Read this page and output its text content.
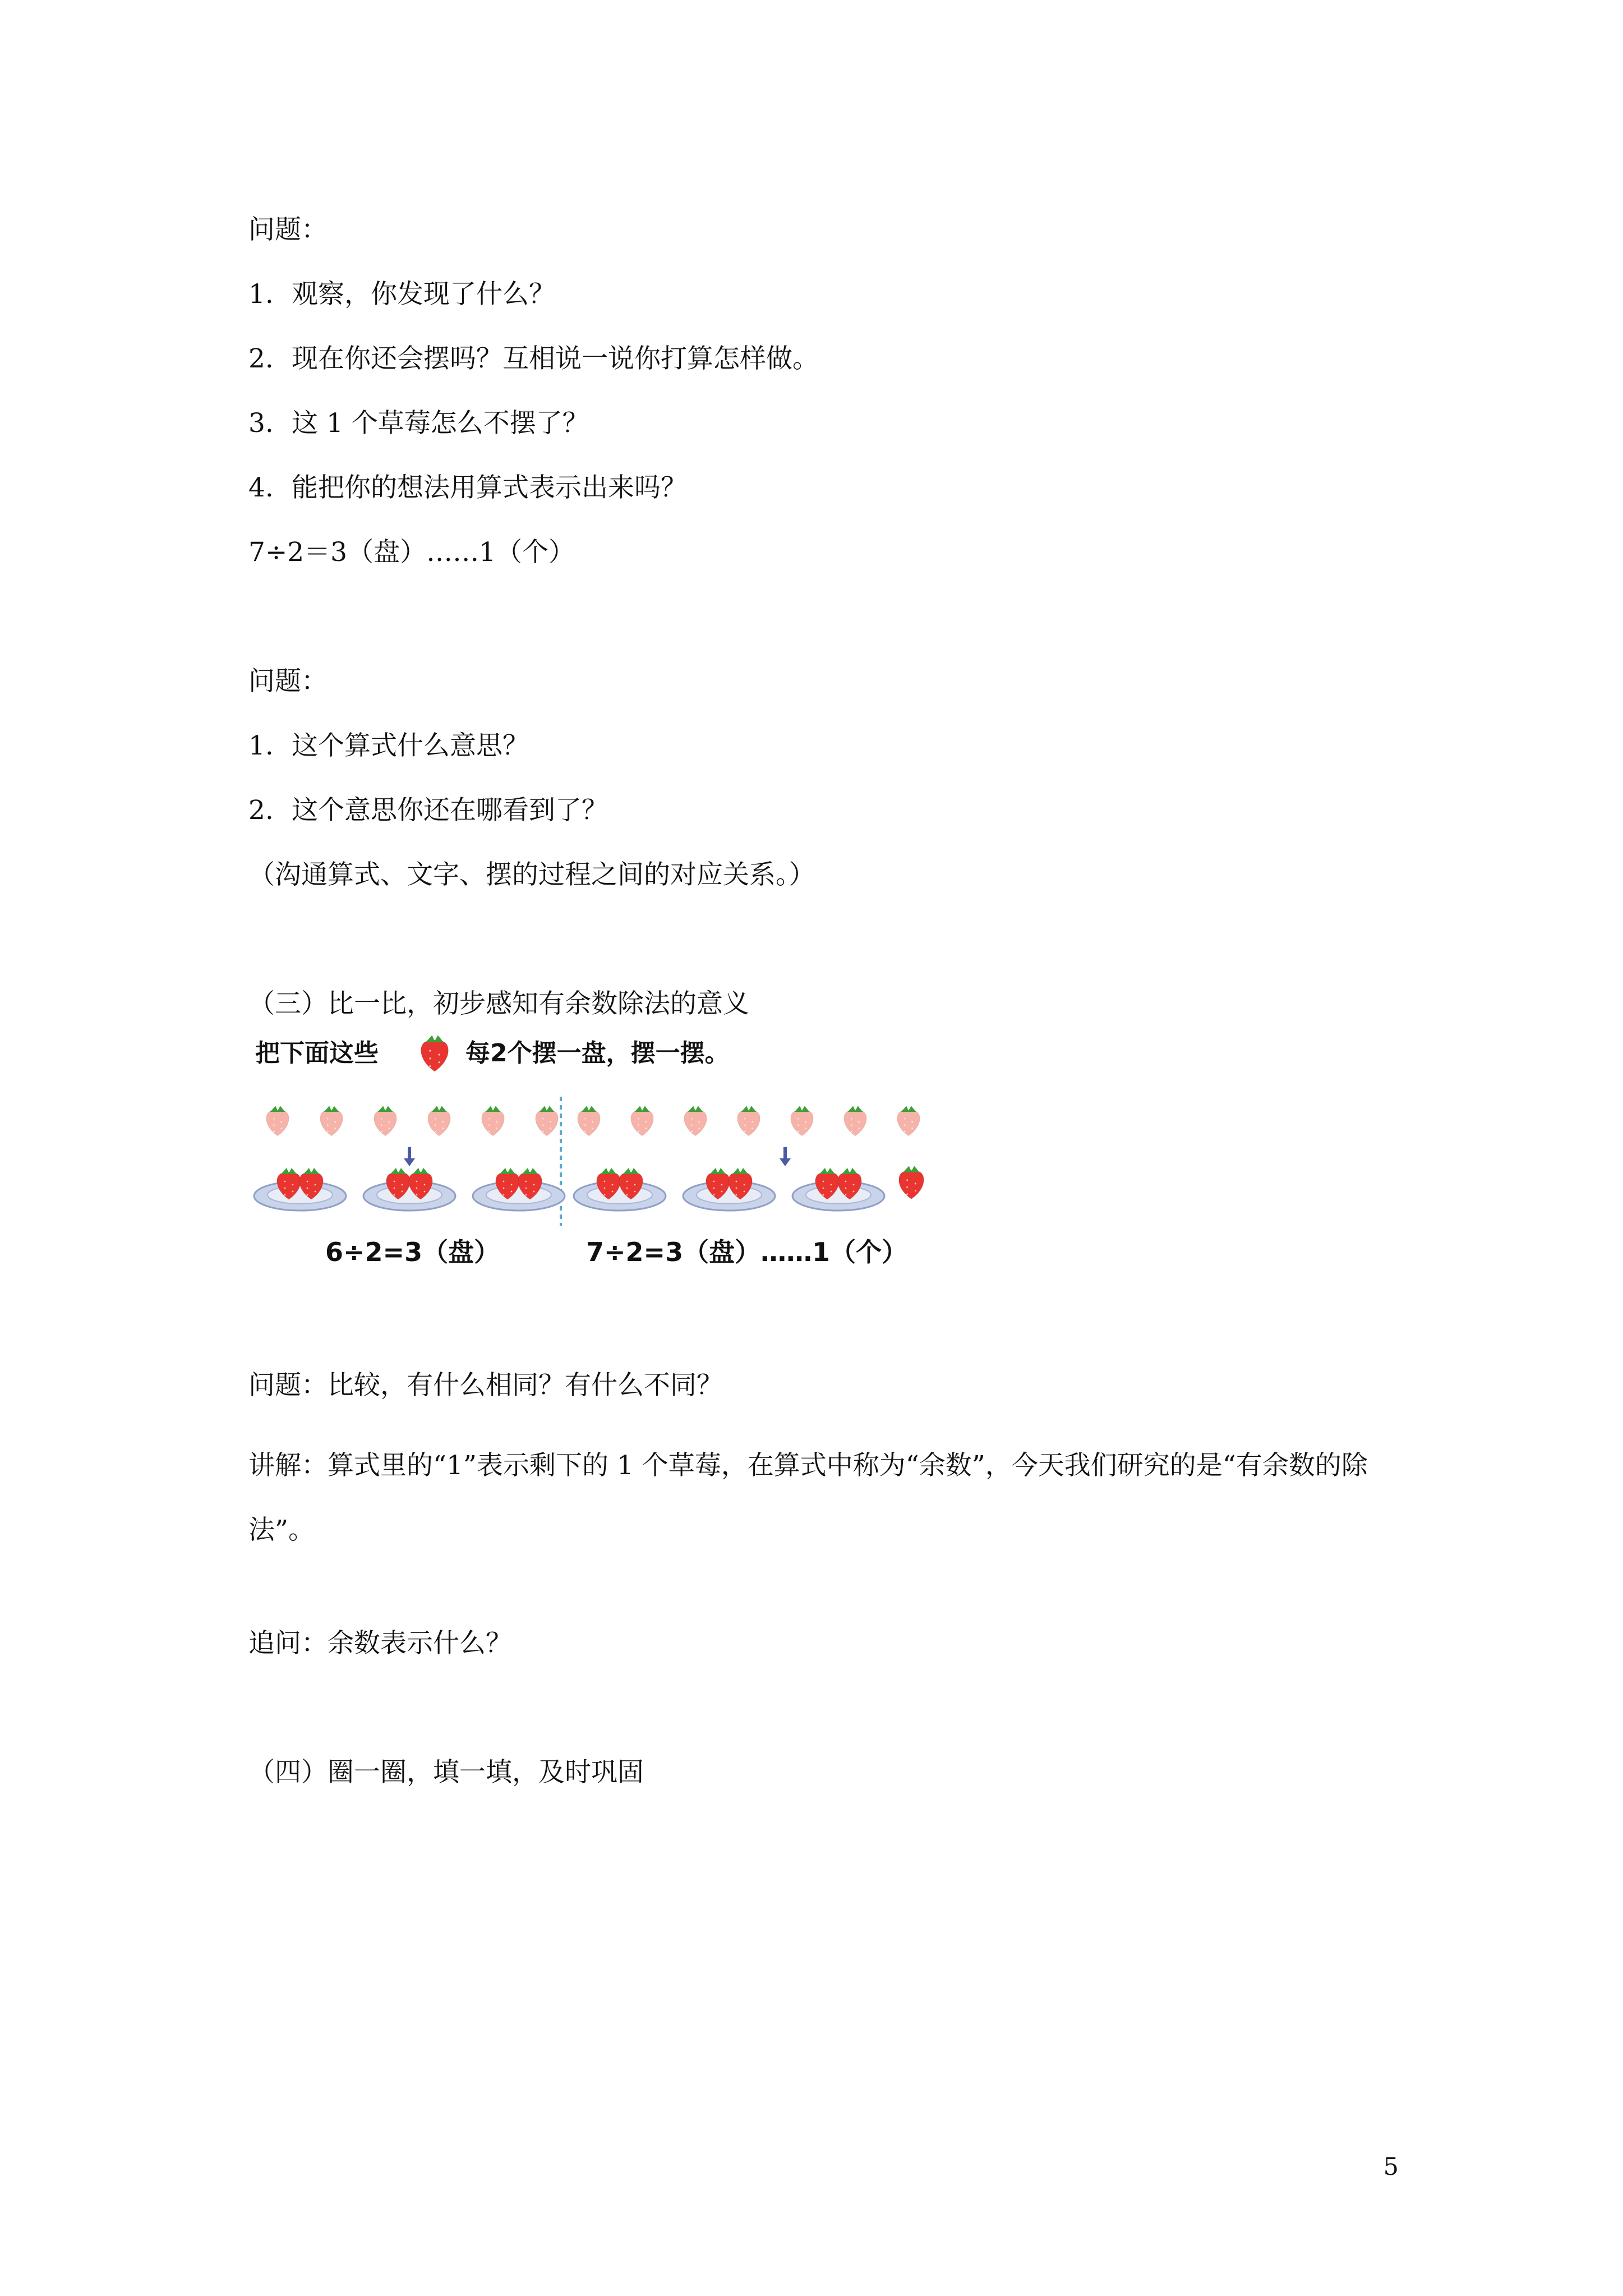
问题：
1. 观察，你发现了什么？
2. 现在你还会摆吗？互相说一说你打算怎样做。
3. 这 1 个草莓怎么不摆了？
4. 能把你的想法用算式表示出来吗？
7÷2＝3（盘）……1（个）
问题：
1. 这个算式什么意思？
2. 这个意思你还在哪看到了？
（沟通算式、文字、摆的过程之间的对应关系。）
（三）比一比，初步感知有余数除法的意义
把下面这些	每2个摆一盘，摆一摆。
6÷2=3（盘）	7÷2=3（盘）……1（个）
问题：比较，有什么相同？有什么不同？
讲解：算式里的“1”表示剩下的 1 个草莓，在算式中称为“余数”，今天我们研究的是“有余数的除法”。
追问：余数表示什么？
（四）圈一圈，填一填，及时巩固
5
